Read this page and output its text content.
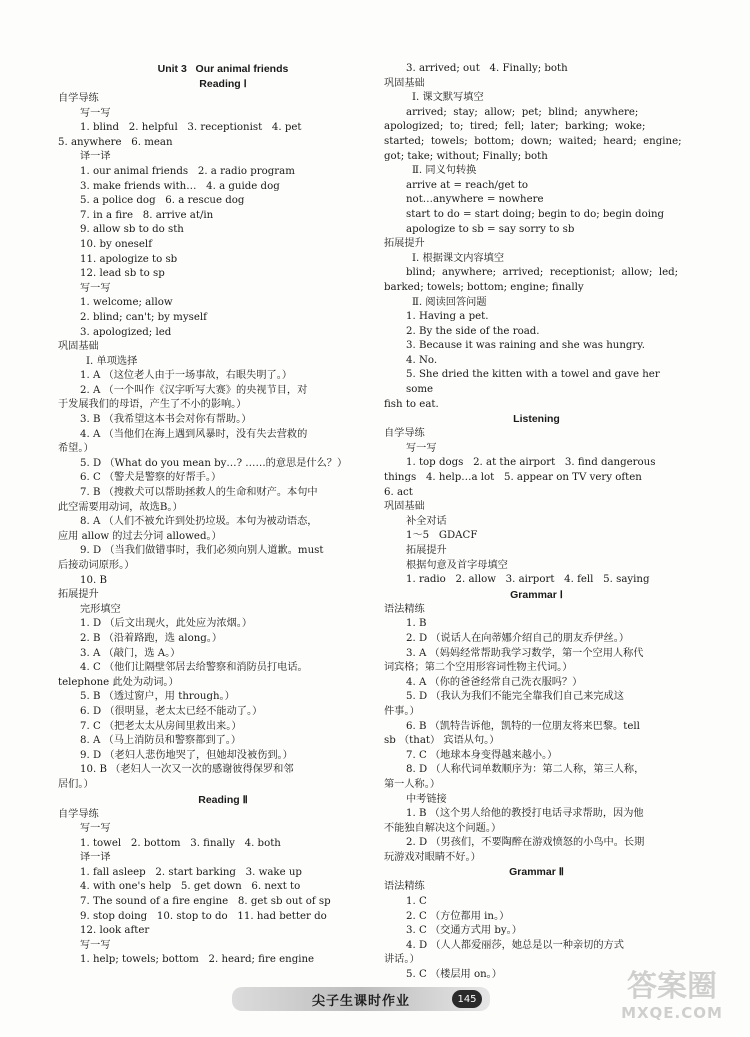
Unit 3   Our animal friends
Reading Ⅰ
自学导练
写一写
1. blind   2. helpful   3. receptionist   4. pet
5. anywhere   6. mean
译一译
1. our animal friends   2. a radio program
3. make friends with…   4. a guide dog
5. a police dog   6. a rescue dog
7. in a fire   8. arrive at/in
9. allow sb to do sth
10. by oneself
11. apologize to sb
12. lead sb to sp
写一写
1. welcome; allow
2. blind; can't; by myself
3. apologized; led
巩固基础
Ⅰ. 单项选择
1. A （这位老人由于一场事故，右眼失明了。）
2. A （一个叫作《汉字听写大赛》的央视节目，对
于发展我们的母语，产生了不小的影响。）
3. B （我希望这本书会对你有帮助。）
4. A （当他们在海上遇到风暴时，没有失去营救的
希望。）
5. D （What do you mean by…? ……的意思是什么？）
6. C （警犬是警察的好帮手。）
7. B （搜救犬可以帮助拯救人的生命和财产。本句中
此空需要用动词，故选B。）
8. A （人们不被允许到处扔垃圾。本句为被动语态，
应用 allow 的过去分词 allowed。）
9. D （当我们做错事时，我们必须向别人道歉。must
后接动词原形。）
10. B
拓展提升
完形填空
1. D （后文出现火，此处应为浓烟。）
2. B （沿着路跑，选 along。）
3. A （敲门，选 A。）
4. C （他们让隔壁邻居去给警察和消防员打电话。
telephone 此处为动词。）
5. B （透过窗户，用 through。）
6. D （很明显，老太太已经不能动了。）
7. C （把老太太从房间里救出来。）
8. A （马上消防员和警察都到了。）
9. D （老妇人悲伤地哭了，但她却没被伤到。）
10. B （老妇人一次又一次的感谢彼得保罗和邻
居们。）
Reading Ⅱ
自学导练
写一写
1. towel   2. bottom   3. finally   4. both
译一译
1. fall asleep   2. start barking   3. wake up
4. with one's help   5. get down   6. next to
7. The sound of a fire engine   8. get sb out of sp
9. stop doing   10. stop to do   11. had better do
12. look after
写一写
1. help; towels; bottom   2. heard; fire engine
3. arrived; out   4. Finally; both
巩固基础
Ⅰ. 课文默写填空
arrived;  stay;  allow;  pet;  blind;  anywhere;
apologized;  to;  tired;  fell;  later;  barking;  woke;
started;  towels;  bottom;  down;  waited;  heard;  engine;
got; take; without; Finally; both
Ⅱ. 同义句转换
arrive at = reach/get to
not…anywhere = nowhere
start to do = start doing; begin to do; begin doing
apologize to sb = say sorry to sb
拓展提升
Ⅰ. 根据课文内容填空
blind;  anywhere;  arrived;  receptionist;  allow;  led;
barked; towels; bottom; engine; finally
Ⅱ. 阅读回答问题
1. Having a pet.
2. By the side of the road.
3. Because it was raining and she was hungry.
4. No.
5. She dried the kitten with a towel and gave her some
fish to eat.
Listening
自学导练
写一写
1. top dogs   2. at the airport   3. find dangerous
things   4. help…a lot   5. appear on TV very often
6. act
巩固基础
补全对话
1～5   GDACF
拓展提升
根据句意及首字母填空
1. radio   2. allow   3. airport   4. fell   5. saying
Grammar Ⅰ
语法精练
1. B
2. D （说话人在向蒂娜介绍自己的朋友乔伊丝。）
3. A （妈妈经常帮助我学习数学，第一个空用人称代
词宾格；第二个空用形容词性物主代词。）
4. A （你的爸爸经常自己洗衣服吗？）
5. D （我认为我们不能完全靠我们自己来完成这
件事。）
6. B （凯特告诉他，凯特的一位朋友将来巴黎。tell
sb （that） 宾语从句。）
7. C （地球本身变得越来越小。）
8. D （人称代词单数顺序为：第二人称，第三人称，
第一人称。）
中考链接
1. B （这个男人给他的教授打电话寻求帮助，因为他
不能独自解决这个问题。）
2. D （男孩们，不要陶醉在游戏愤怒的小鸟中。长期
玩游戏对眼睛不好。）
Grammar Ⅱ
语法精练
1. C
2. C （方位都用 in。）
3. C （交通方式用 by。）
4. D （人人都爱丽莎，她总是以一种亲切的方式
讲话。）
5. C （楼层用 on。）
尖子生课时作业	145	答案圈
MXQE.COM
